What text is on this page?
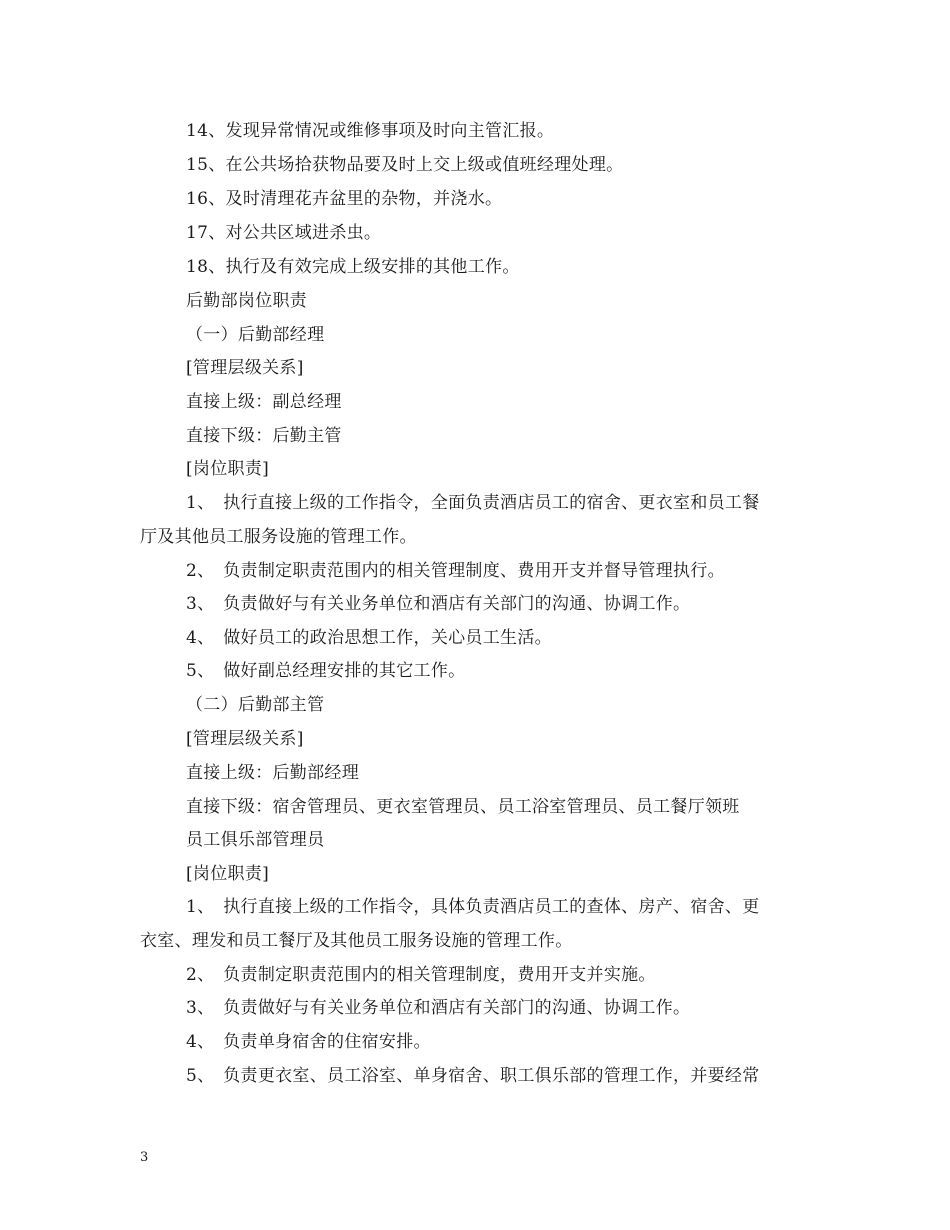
14、发现异常情况或维修事项及时向主管汇报。
15、在公共场拾获物品要及时上交上级或值班经理处理。
16、及时清理花卉盆里的杂物，并浇水。
17、对公共区域进杀虫。
18、执行及有效完成上级安排的其他工作。
后勤部岗位职责
（一）后勤部经理
[管理层级关系]
直接上级：副总经理
直接下级：后勤主管
[岗位职责]
1、　执行直接上级的工作指令，全面负责酒店员工的宿舍、更衣室和员工餐
厅及其他员工服务设施的管理工作。
2、　负责制定职责范围内的相关管理制度、费用开支并督导管理执行。
3、　负责做好与有关业务单位和酒店有关部门的沟通、协调工作。
4、　做好员工的政治思想工作，关心员工生活。
5、　做好副总经理安排的其它工作。
（二）后勤部主管
[管理层级关系]
直接上级：后勤部经理
直接下级：宿舍管理员、更衣室管理员、员工浴室管理员、员工餐厅领班
员工俱乐部管理员
[岗位职责]
1、　执行直接上级的工作指令，具体负责酒店员工的查体、房产、宿舍、更
衣室、理发和员工餐厅及其他员工服务设施的管理工作。
2、　负责制定职责范围内的相关管理制度，费用开支并实施。
3、　负责做好与有关业务单位和酒店有关部门的沟通、协调工作。
4、　负责单身宿舍的住宿安排。
5、　负责更衣室、员工浴室、单身宿舍、职工俱乐部的管理工作，并要经常
3
